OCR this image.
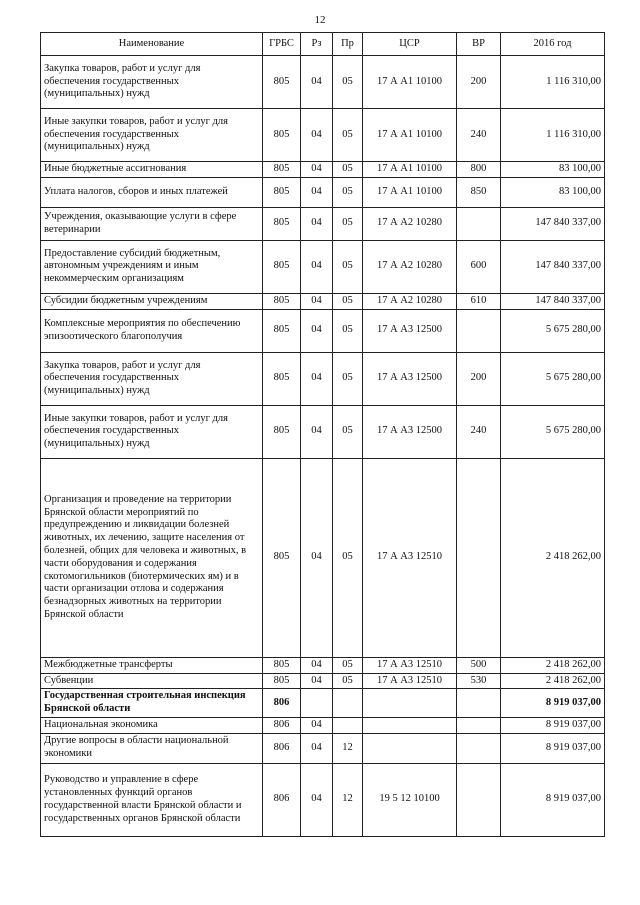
12
Наименование	ГРБС	Рз	Пр	ЦСР	ВР	2016 год
Закупка товаров, работ и услуг для обеспечения государственных (муниципальных) нужд	805	04	05	17 А А1 10100	200	1 116 310,00
Иные закупки товаров, работ и услуг для обеспечения государственных (муниципальных) нужд	805	04	05	17 А А1 10100	240	1 116 310,00
Иные бюджетные ассигнования	805	04	05	17 А А1 10100	800	83 100,00
Уплата налогов, сборов и иных платежей	805	04	05	17 А А1 10100	850	83 100,00
Учреждения, оказывающие услуги в сфере ветеринарии	805	04	05	17 А А2 10280		147 840 337,00
Предоставление субсидий бюджетным, автономным учреждениям и иным некоммерческим организациям	805	04	05	17 А А2 10280	600	147 840 337,00
Субсидии бюджетным учреждениям	805	04	05	17 А А2 10280	610	147 840 337,00
Комплексные мероприятия по обеспечению эпизоотического благополучия	805	04	05	17 А А3 12500		5 675 280,00
Закупка товаров, работ и услуг для обеспечения государственных (муниципальных) нужд	805	04	05	17 А А3 12500	200	5 675 280,00
Иные закупки товаров, работ и услуг для обеспечения государственных (муниципальных) нужд	805	04	05	17 А А3 12500	240	5 675 280,00
Организация и проведение на территории Брянской области мероприятий по предупреждению и ликвидации болезней животных, их лечению, защите населения от болезней, общих для человека и животных, в части оборудования и содержания скотомогильников (биотермических ям) и в части организации отлова и содержания безнадзорных животных на территории Брянской области	805	04	05	17 А А3 12510		2 418 262,00
Межбюджетные трансферты	805	04	05	17 А А3 12510	500	2 418 262,00
Субвенции	805	04	05	17 А А3 12510	530	2 418 262,00
Государственная строительная инспекция Брянской области	806					8 919 037,00
Национальная экономика	806	04				8 919 037,00
Другие вопросы в области национальной экономики	806	04	12			8 919 037,00
Руководство и управление в сфере установленных функций органов государственной власти Брянской области и государственных органов Брянской области	806	04	12	19 5 12 10100		8 919 037,00
